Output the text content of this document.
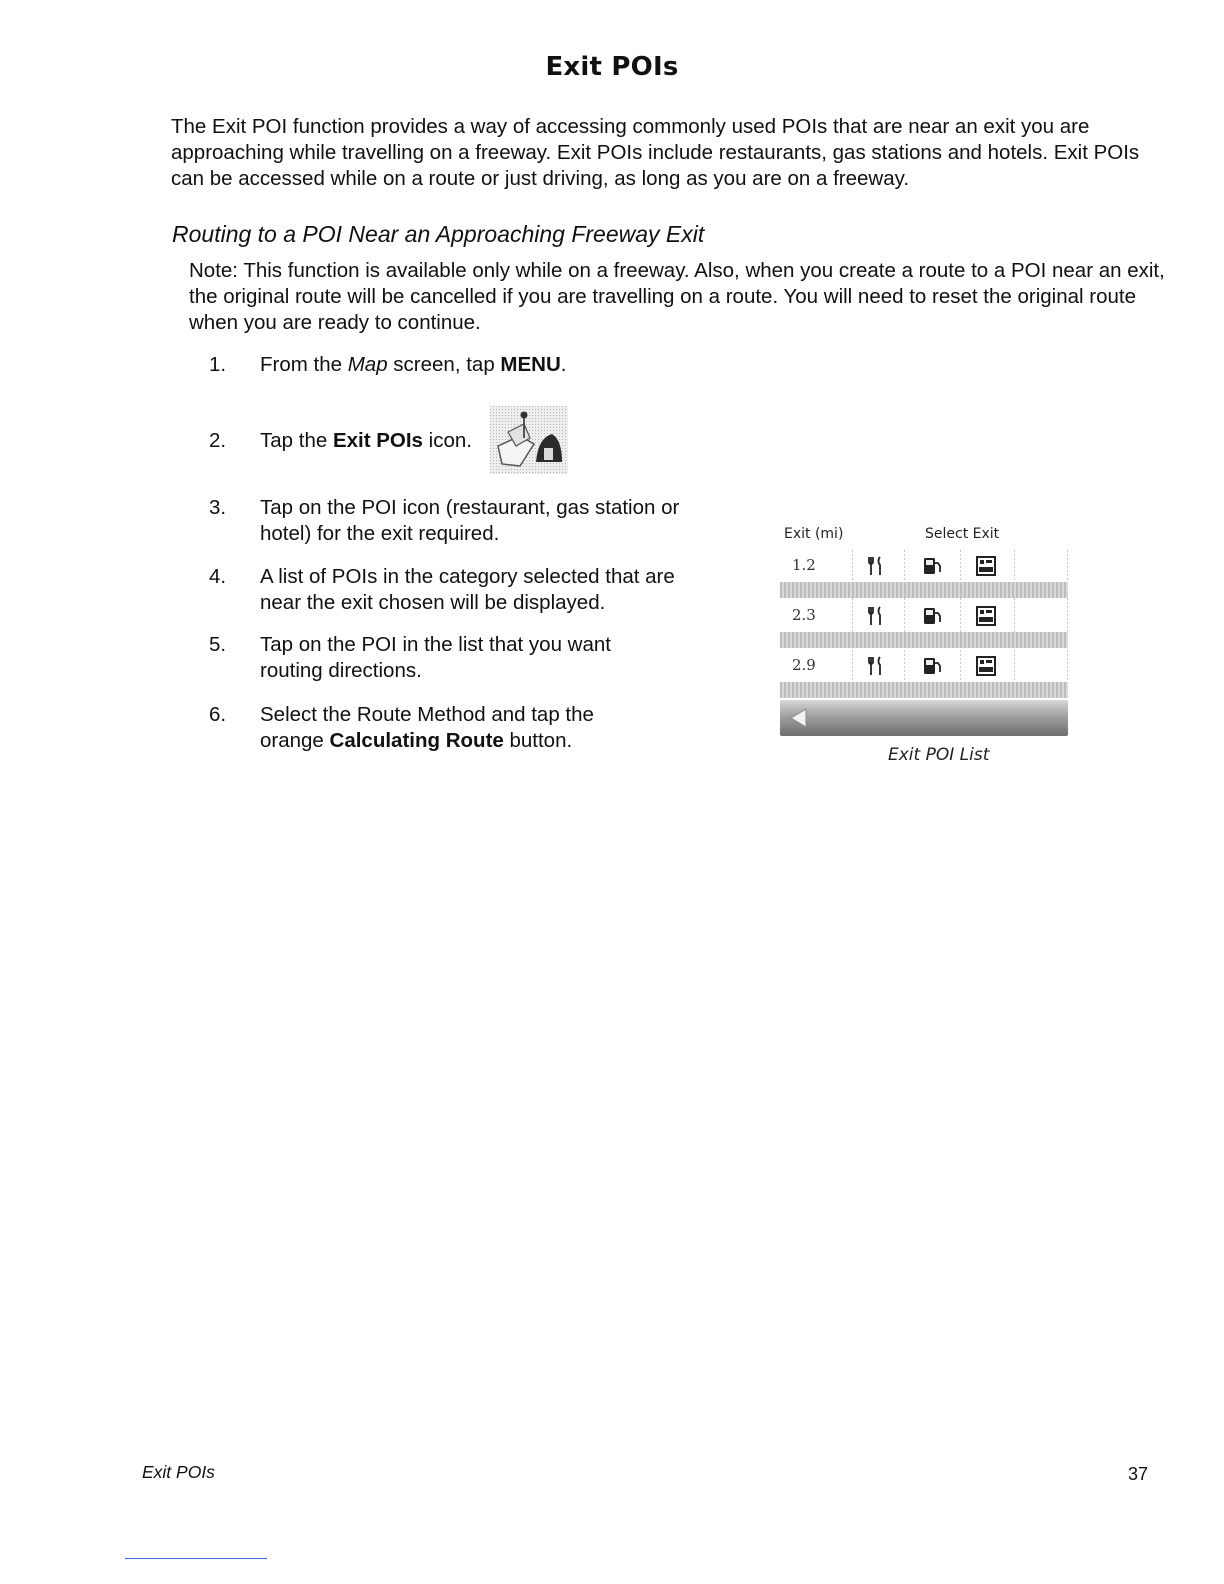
Exit POIs

The Exit POI function provides a way of accessing commonly used POIs that are near an exit you are approaching while travelling on a freeway. Exit POIs include restaurants, gas stations and hotels. Exit POIs can be accessed while on a route or just driving, as long as you are on a freeway.

Routing to a POI Near an Approaching Freeway Exit

Note: This function is available only while on a freeway. Also, when you create a route to a POI near an exit, the original route will be cancelled if you are travelling on a route. You will need to reset the original route when you are ready to continue.

1.	From the Map screen, tap MENU.
2.	Tap the Exit POIs icon.
3.	Tap on the POI icon (restaurant, gas station or hotel) for the exit required.
4.	A list of POIs in the category selected that are near the exit chosen will be displayed.
5.	Tap on the POI in the list that you want routing directions.
6.	Select the Route Method and tap the orange Calculating Route button.
Exit (mi)	Select Exit
1.2
2.3
2.9
Exit POI List
Exit POIs	37
